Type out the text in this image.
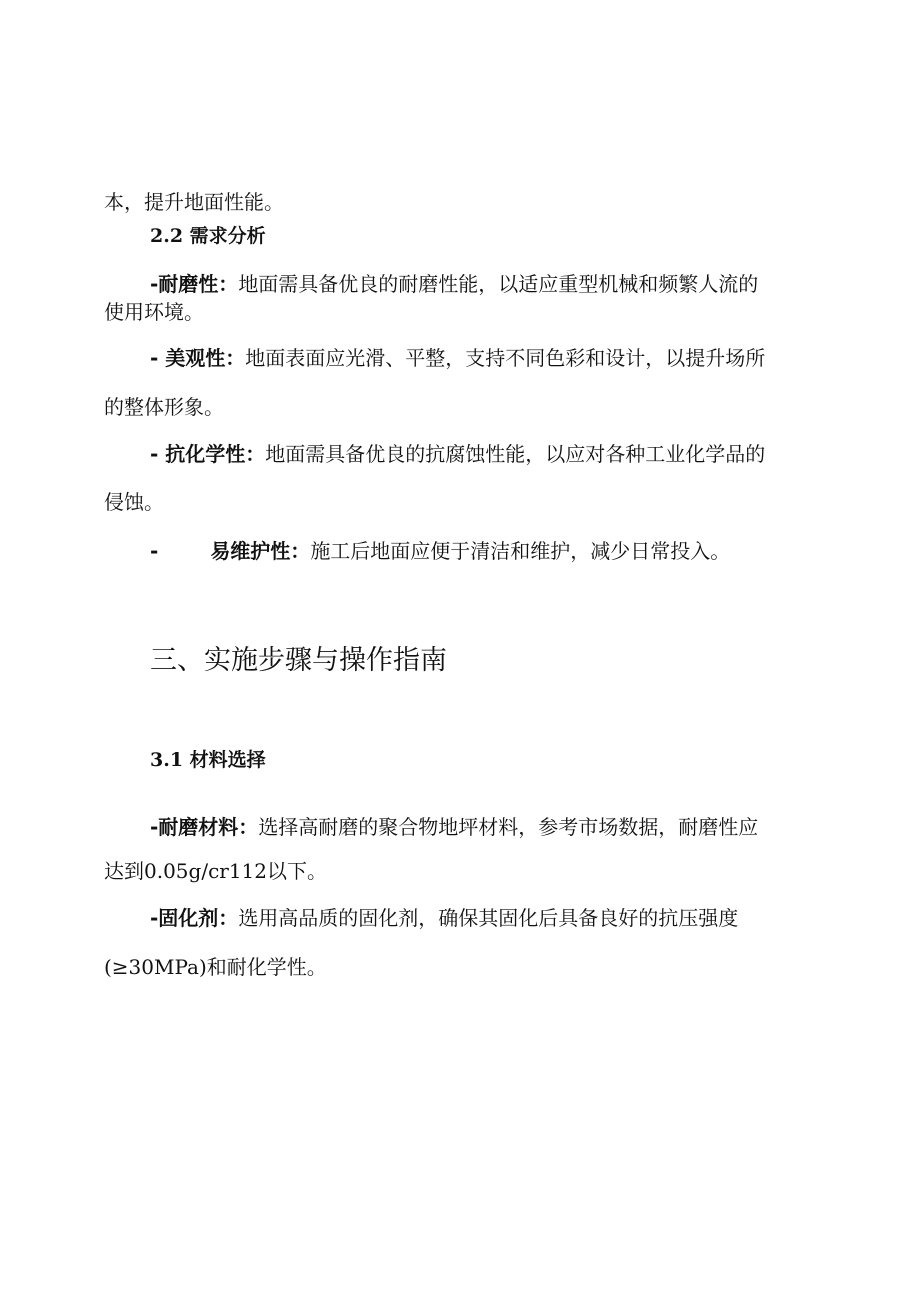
本，提升地面性能。
2.2 需求分析
-耐磨性：地面需具备优良的耐磨性能，以适应重型机械和频繁人流的
使用环境。
- 美观性：地面表面应光滑、平整，支持不同色彩和设计，以提升场所
的整体形象。
- 抗化学性：地面需具备优良的抗腐蚀性能，以应对各种工业化学品的
侵蚀。
-	易维护性：施工后地面应便于清洁和维护，减少日常投入。
三、实施步骤与操作指南
3.1 材料选择
-耐磨材料：选择高耐磨的聚合物地坪材料，参考市场数据，耐磨性应
达到0.05g∕cr112以下。
-固化剂：选用高品质的固化剂，确保其固化后具备良好的抗压强度
(≥30MPa)和耐化学性。
